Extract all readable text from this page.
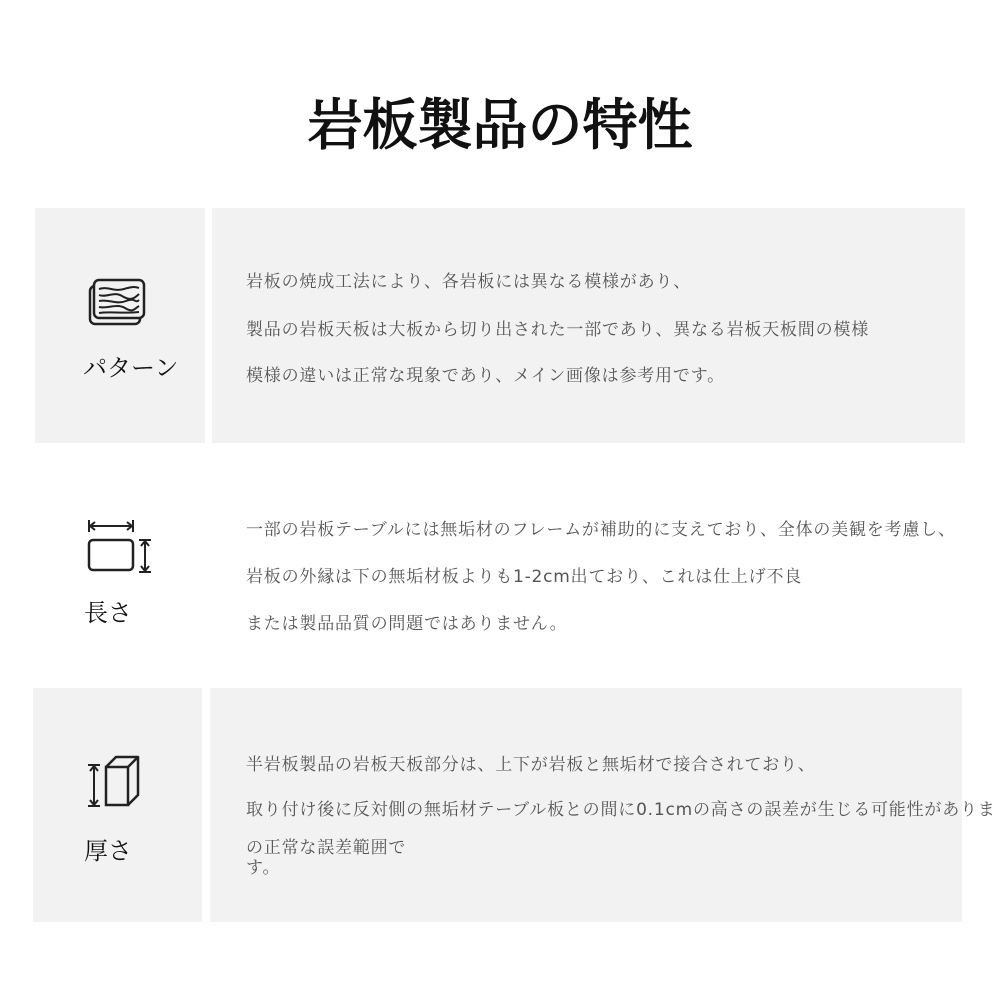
岩板製品の特性
パターン
岩板の焼成工法により、各岩板には異なる模様があり、
製品の岩板天板は大板から切り出された一部であり、異なる岩板天板間の模様
模様の違いは正常な現象であり、メイン画像は参考用です。
長さ
一部の岩板テーブルには無垢材のフレームが補助的に支えており、全体の美観を考慮し、
岩板の外縁は下の無垢材板よりも1-2cm出ており、これは仕上げ不良
または製品品質の問題ではありません。
厚さ
半岩板製品の岩板天板部分は、上下が岩板と無垢材で接合されており、
取り付け後に反対側の無垢材テーブル板との間に0.1cmの高さの誤差が生じる可能性がありま
の正常な誤差範囲で
す。
